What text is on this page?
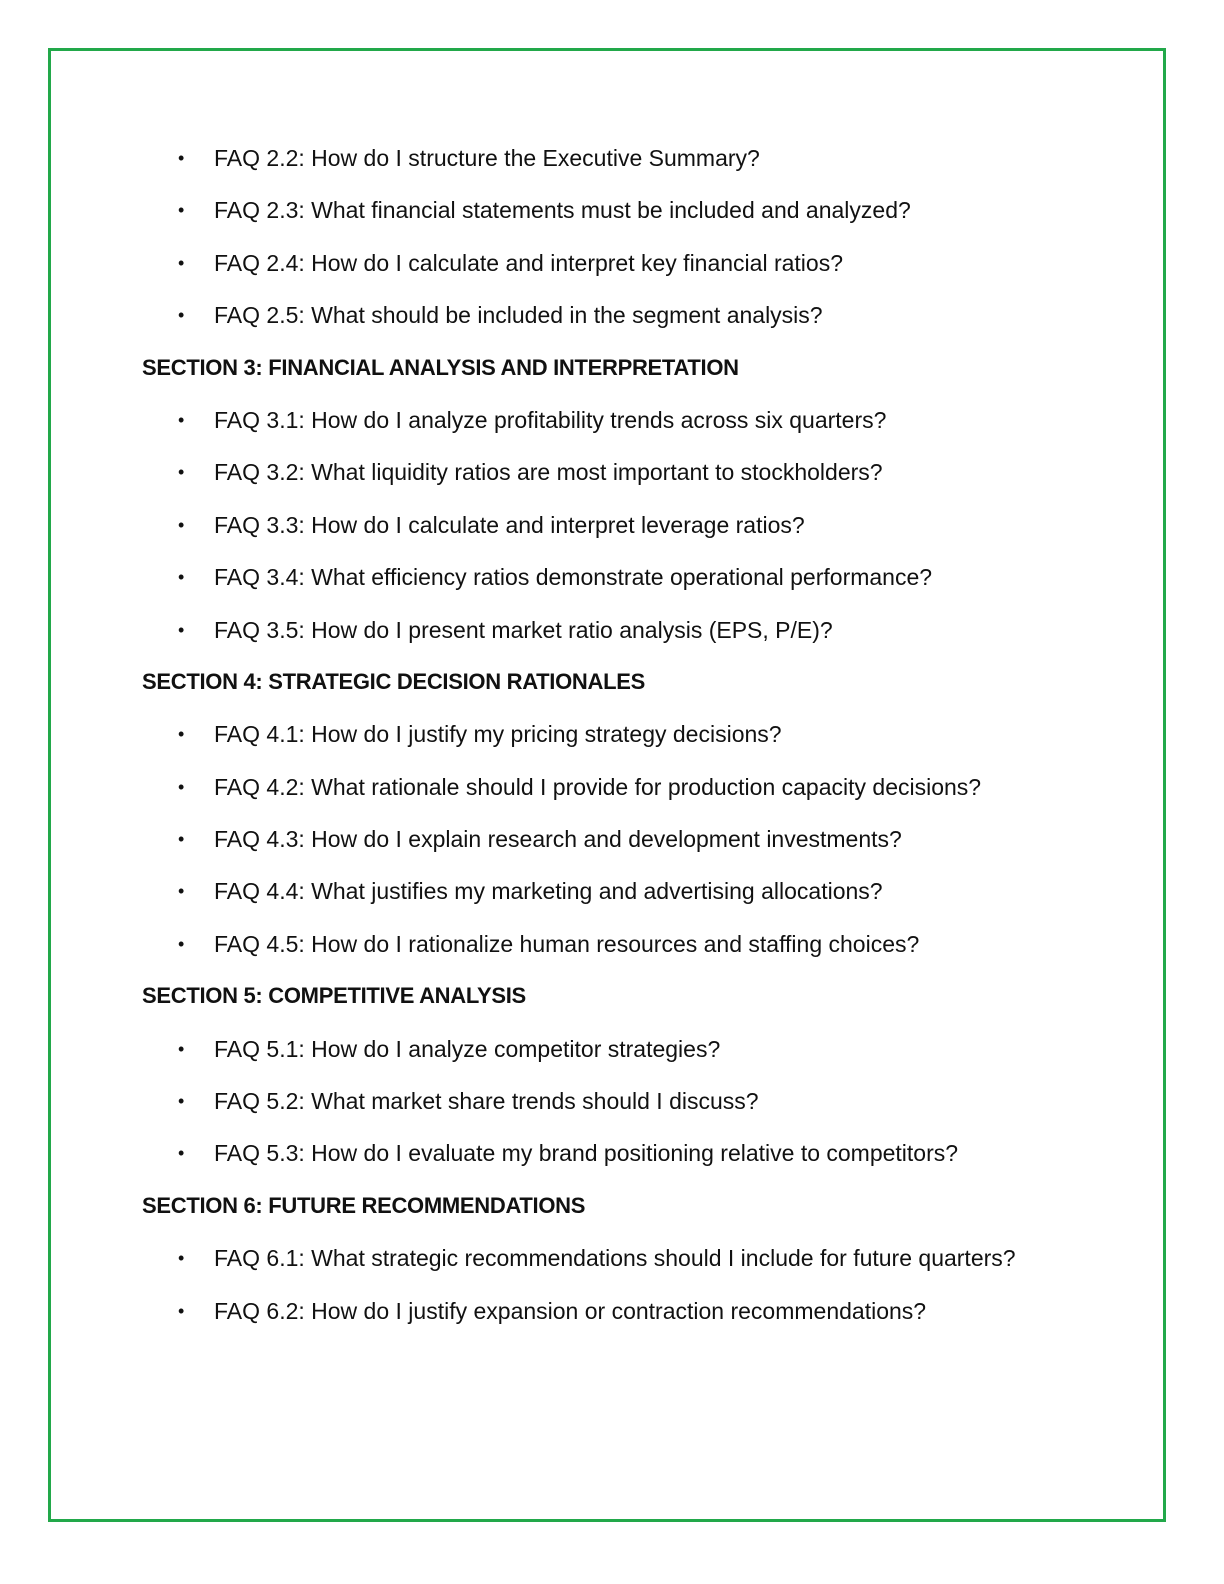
• FAQ 2.2: How do I structure the Executive Summary?
• FAQ 2.3: What financial statements must be included and analyzed?
• FAQ 2.4: How do I calculate and interpret key financial ratios?
• FAQ 2.5: What should be included in the segment analysis?
SECTION 3: FINANCIAL ANALYSIS AND INTERPRETATION
• FAQ 3.1: How do I analyze profitability trends across six quarters?
• FAQ 3.2: What liquidity ratios are most important to stockholders?
• FAQ 3.3: How do I calculate and interpret leverage ratios?
• FAQ 3.4: What efficiency ratios demonstrate operational performance?
• FAQ 3.5: How do I present market ratio analysis (EPS, P/E)?
SECTION 4: STRATEGIC DECISION RATIONALES
• FAQ 4.1: How do I justify my pricing strategy decisions?
• FAQ 4.2: What rationale should I provide for production capacity decisions?
• FAQ 4.3: How do I explain research and development investments?
• FAQ 4.4: What justifies my marketing and advertising allocations?
• FAQ 4.5: How do I rationalize human resources and staffing choices?
SECTION 5: COMPETITIVE ANALYSIS
• FAQ 5.1: How do I analyze competitor strategies?
• FAQ 5.2: What market share trends should I discuss?
• FAQ 5.3: How do I evaluate my brand positioning relative to competitors?
SECTION 6: FUTURE RECOMMENDATIONS
• FAQ 6.1: What strategic recommendations should I include for future quarters?
• FAQ 6.2: How do I justify expansion or contraction recommendations?
